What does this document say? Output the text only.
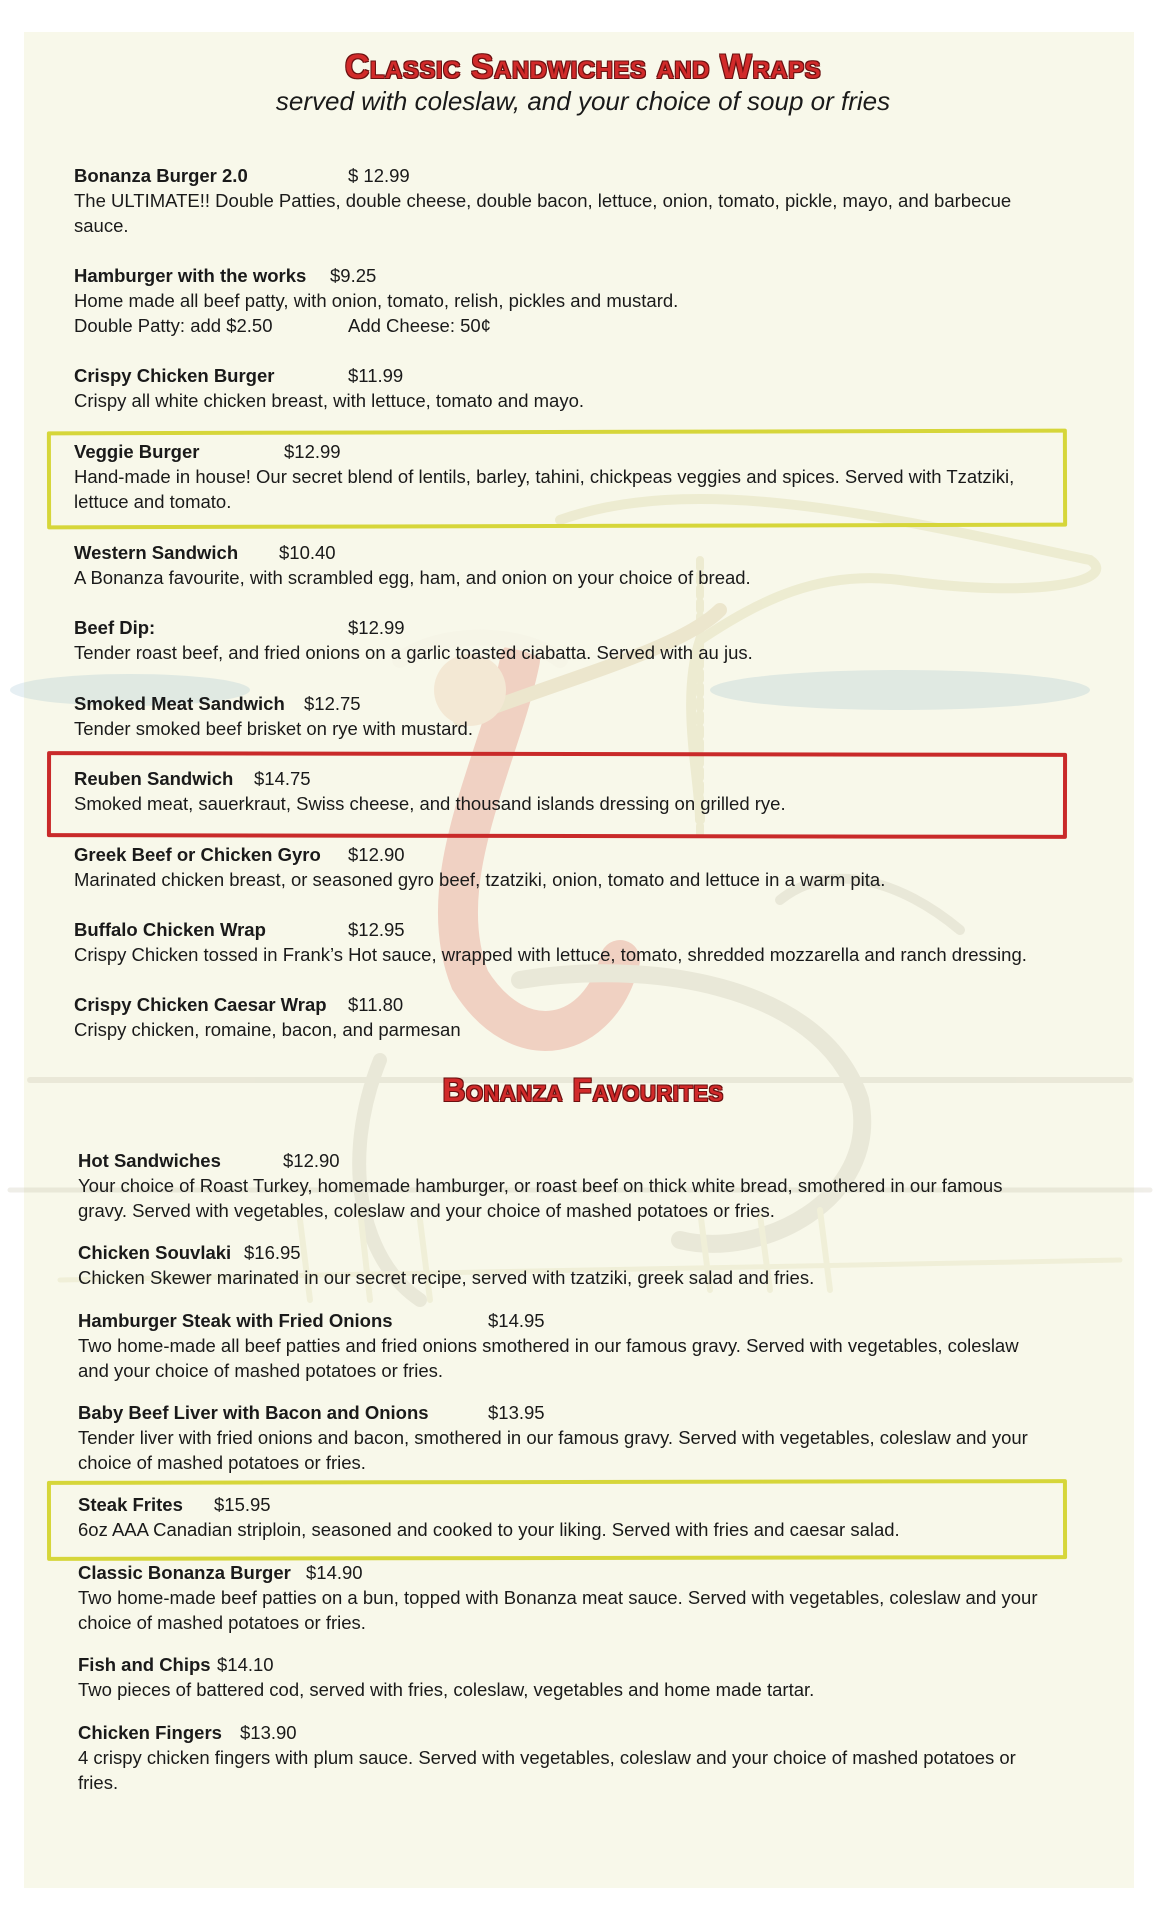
Classic Sandwiches and Wraps
served with coleslaw, and your choice of soup or fries
Bonanza Favourites
Bonanza Burger 2.0	$ 12.99

The ULTIMATE!! Double Patties, double cheese, double bacon, lettuce, onion, tomato, pickle, mayo, and barbecue

sauce.

Hamburger with the works $9.25

Home made all beef patty, with onion, tomato, relish, pickles and mustard.

Double Patty: add $2.50	Add Cheese: 50¢
Crispy Chicken Burger	$11.99

Crispy all white chicken breast, with lettuce, tomato and mayo.

Veggie Burger	$12.99

Hand-made in house! Our secret blend of lentils, barley, tahini, chickpeas veggies and spices. Served with Tzatziki,

lettuce and tomato.

Western Sandwich $10.40

A Bonanza favourite, with scrambled egg, ham, and onion on your choice of bread.

Beef Dip:	$12.99

Tender roast beef, and fried onions on a garlic toasted ciabatta. Served with au jus.

Smoked Meat Sandwich $12.75

Tender smoked beef brisket on rye with mustard.

Reuben Sandwich $14.75

Smoked meat, sauerkraut, Swiss cheese, and thousand islands dressing on grilled rye.

Greek Beef or Chicken Gyro $12.90

Marinated chicken breast, or seasoned gyro beef, tzatziki, onion, tomato and lettuce in a warm pita.

Buffalo Chicken Wrap	$12.95

Crispy Chicken tossed in Frank’s Hot sauce, wrapped with lettuce, tomato, shredded mozzarella and ranch dressing.

Crispy Chicken Caesar Wrap $11.80

Crispy chicken, romaine, bacon, and parmesan

Hot Sandwiches	$12.90

Your choice of Roast Turkey, homemade hamburger, or roast beef on thick white bread, smothered in our famous

gravy. Served with vegetables, coleslaw and your choice of mashed potatoes or fries.

Chicken Souvlaki $16.95

Chicken Skewer marinated in our secret recipe, served with tzatziki, greek salad and fries.

Hamburger Steak with Fried Onions	$14.95

Two home-made all beef patties and fried onions smothered in our famous gravy. Served with vegetables, coleslaw

and your choice of mashed potatoes or fries.

Baby Beef Liver with Bacon and Onions	$13.95

Tender liver with fried onions and bacon, smothered in our famous gravy. Served with vegetables, coleslaw and your

choice of mashed potatoes or fries.

Steak Frites $15.95

6oz AAA Canadian striploin, seasoned and cooked to your liking. Served with fries and caesar salad.

Classic Bonanza Burger $14.90

Two home-made beef patties on a bun, topped with Bonanza meat sauce. Served with vegetables, coleslaw and your

choice of mashed potatoes or fries.

Fish and Chips $14.10

Two pieces of battered cod, served with fries, coleslaw, vegetables and home made tartar.

Chicken Fingers $13.90

4 crispy chicken fingers with plum sauce. Served with vegetables, coleslaw and your choice of mashed potatoes or

fries.
